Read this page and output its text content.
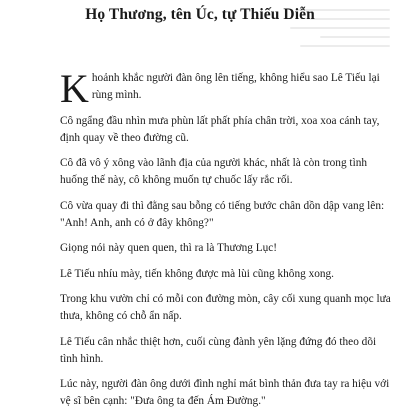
Họ Thương, tên Úc, tự Thiếu Diễn

Khoảnh khắc người đàn ông lên tiếng, không hiểu sao Lê Tiếu lại rùng mình.

Cô ngẩng đầu nhìn mưa phùn lất phất phía chân trời, xoa xoa cánh tay, định quay về theo đường cũ.

Cô đã vô ý xông vào lãnh địa của người khác, nhất là còn trong tình huống thế này, cô không muốn tự chuốc lấy rắc rối.

Cô vừa quay đi thì đằng sau bỗng có tiếng bước chân dồn dập vang lên: "Anh! Anh, anh có ở đây không?"

Giọng nói này quen quen, thì ra là Thương Lục!

Lê Tiếu nhíu mày, tiến không được mà lùi cũng không xong.

Trong khu vườn chỉ có mỗi con đường mòn, cây cối xung quanh mọc lưa thưa, không có chỗ ẩn nấp.

Lê Tiếu cân nhắc thiệt hơn, cuối cùng đành yên lặng đứng đó theo dõi tình hình.

Lúc này, người đàn ông dưới đình nghỉ mát bình thản đưa tay ra hiệu với vệ sĩ bên cạnh: "Đưa ông ta đến Ám Đường."
